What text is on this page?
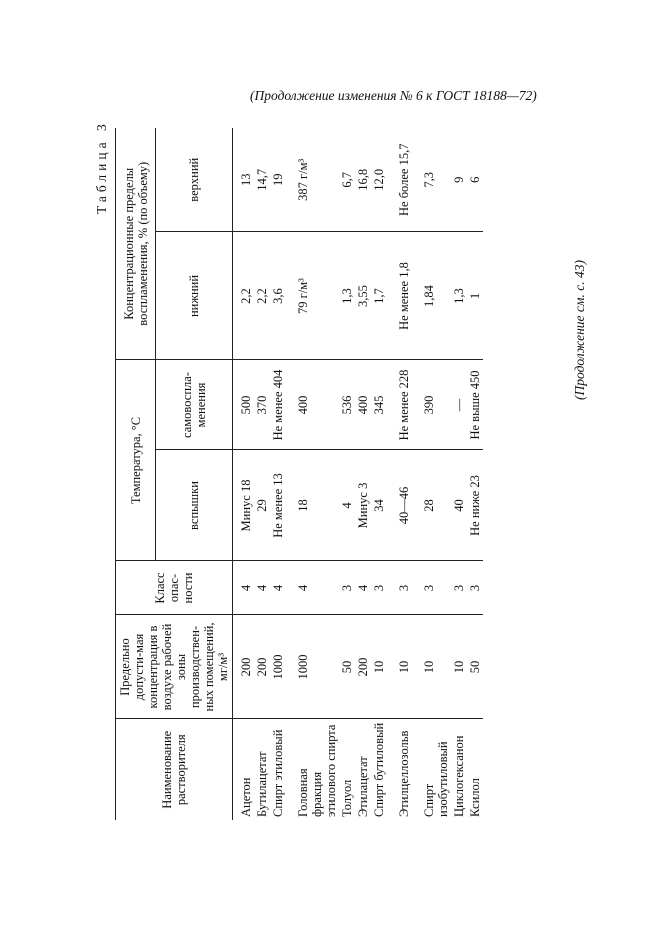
(Продолжение изменения № 6 к ГОСТ 18188—72)
Таблица 3
Наименование растворителя	Предельно допусти-мая концентрация в воздухе рабочей зоны производствен-ных помещений, мг/м³	Класс опас-ности	Температура, °С		Концентрационные пределы воспламенения, % (по объему)	
			вспышки	самовоспла-менения	нижний	верхний
Ацетон	200	4	Минус 18	500	2,2	13
Бутилацетат	200	4	29	370	2,2	14,7
Спирт этиловый	1000	4	Не менее 13	Не менее 404	3,6	19
Головная фракция этилового спирта	1000	4	18	400	79 г/м³	387 г/м³
Толуол	50	3	4	536	1,3	6,7
Этилацетат	200	4	Минус 3	400	3,55	16,8
Спирт бутиловый	10	3	34	345	1,7	12,0
Этилцеллозольв	10	3	40—46	Не менее 228	Не менее 1,8	Не более 15,7
Спирт изобутиловый	10	3	28	390	1,84	7,3
Циклогексанон	10	3	40	—	1,3	9
Ксилол	50	3	Не ниже 23	Не выше 450	1	6
(Продолжение см. с. 43)
